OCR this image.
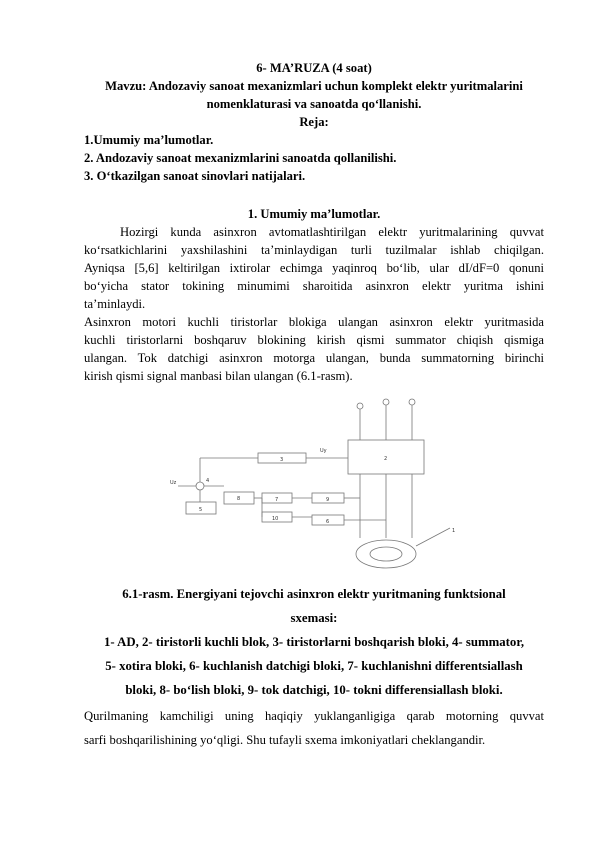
6- MA’RUZA (4 soat)
Mavzu: Andozaviy sanoat mexanizmlari uchun komplekt elektr yuritmalarini
nomenklaturasi va sanoatda qo‘llanishi.
Reja:
1.Umumiy ma’lumotlar.
2. Andozaviy sanoat mexanizmlarini sanoatda qollanilishi.
3. O‘tkazilgan sanoat sinovlari natijalari.
1. Umumiy ma’lumotlar.
Hozirgi kunda asinxron avtomatlashtirilgan elektr yuritmalarining quvvat
ko‘rsatkichlarini yaxshilashini ta’minlaydigan turli tuzilmalar ishlab chiqilgan.
Ayniqsa [5,6] keltirilgan ixtirolar echimga yaqinroq bo‘lib, ular dI/dF=0 qonuni
bo‘yicha stator tokining minumimi sharoitida asinxron elektr yuritma ishini
ta’minlaydi.
Asinxron motori kuchli tiristorlar blokiga ulangan asinxron elektr yuritmasida
kuchli tiristorlarni boshqaruv blokining kirish qismi summator chiqish qismiga
ulangan. Tok datchigi asinxron motorga ulangan, bunda summatorning birinchi
kirish qismi signal manbasi bilan ulangan (6.1-rasm).
2
3
4
5
6
7
8	9
10
1
Uy
Uz
6.1-rasm. Energiyani tejovchi asinxron elektr yuritmaning funktsional
sxemasi:
1- AD, 2- tiristorli kuchli blok, 3- tiristorlarni boshqarish bloki, 4- summator,
5- xotira bloki, 6- kuchlanish datchigi bloki, 7- kuchlanishni differentsiallash
bloki, 8- bo‘lish bloki, 9- tok datchigi, 10- tokni differensiallash bloki.
Qurilmaning kamchiligi uning haqiqiy yuklanganligiga qarab motorning quvvat
sarfi boshqarilishining yo‘qligi. Shu tufayli sxema imkoniyatlari cheklangandir.
